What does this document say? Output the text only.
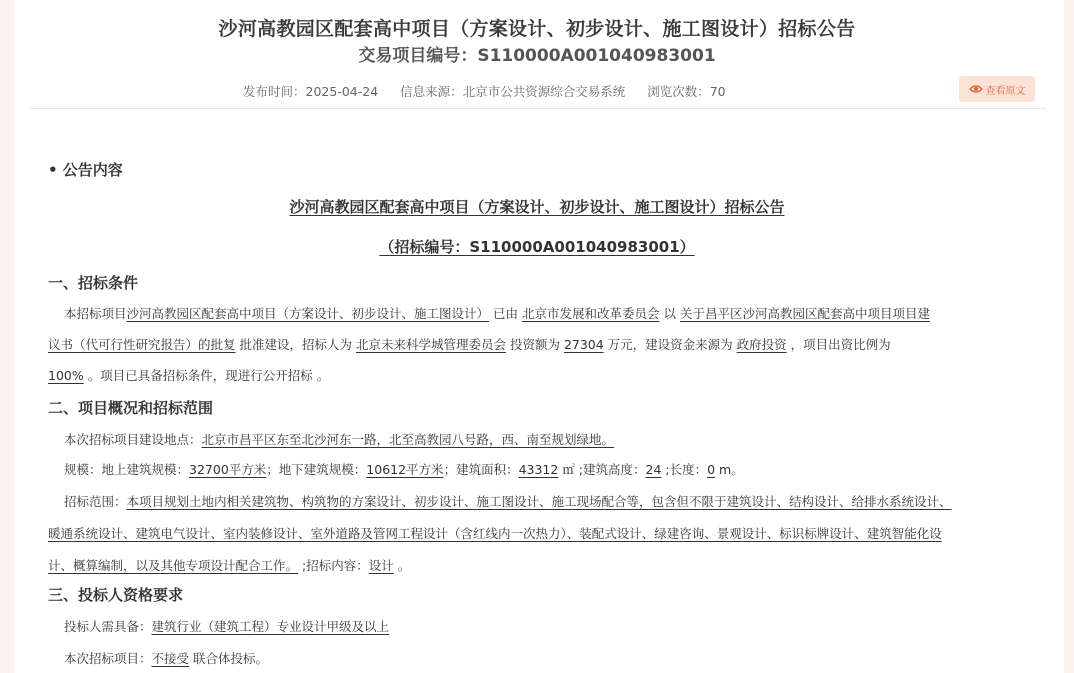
沙河高教园区配套高中项目（方案设计、初步设计、施工图设计）招标公告
交易项目编号：S110000A001040983001
发布时间：2025-04-24 信息来源：北京市公共资源综合交易系统 浏览次数：70	查看原文
• 公告内容
沙河高教园区配套高中项目（方案设计、初步设计、施工图设计）招标公告
（招标编号：S110000A001040983001）
一、招标条件
本招标项目沙河高教园区配套高中项目（方案设计、初步设计、施工图设计） 已由 北京市发展和改革委员会 以 关于昌平区沙河高教园区配套高中项目项目建
议书（代可行性研究报告）的批复 批准建设，招标人为 北京未来科学城管理委员会 投资额为 27304 万元，建设资金来源为 政府投资 ，项目出资比例为
100% 。项目已具备招标条件，现进行公开招标 。
二、项目概况和招标范围
本次招标项目建设地点：北京市昌平区东至北沙河东一路，北至高教园八号路，西、南至规划绿地。
规模：地上建筑规模：32700平方米；地下建筑规模：10612平方米；建筑面积：43312 ㎡ ;建筑高度：24 ;长度：0 m。
招标范围：本项目规划土地内相关建筑物、构筑物的方案设计、初步设计、施工图设计、施工现场配合等，包含但不限于建筑设计、结构设计、给排水系统设计、
暖通系统设计、建筑电气设计、室内装修设计、室外道路及管网工程设计（含红线内一次热力）、装配式设计、绿建咨询、景观设计、标识标牌设计、建筑智能化设
计、概算编制，以及其他专项设计配合工作。 ;招标内容：设计 。
三、投标人资格要求
投标人需具备：建筑行业（建筑工程）专业设计甲级及以上
本次招标项目：不接受 联合体投标。
